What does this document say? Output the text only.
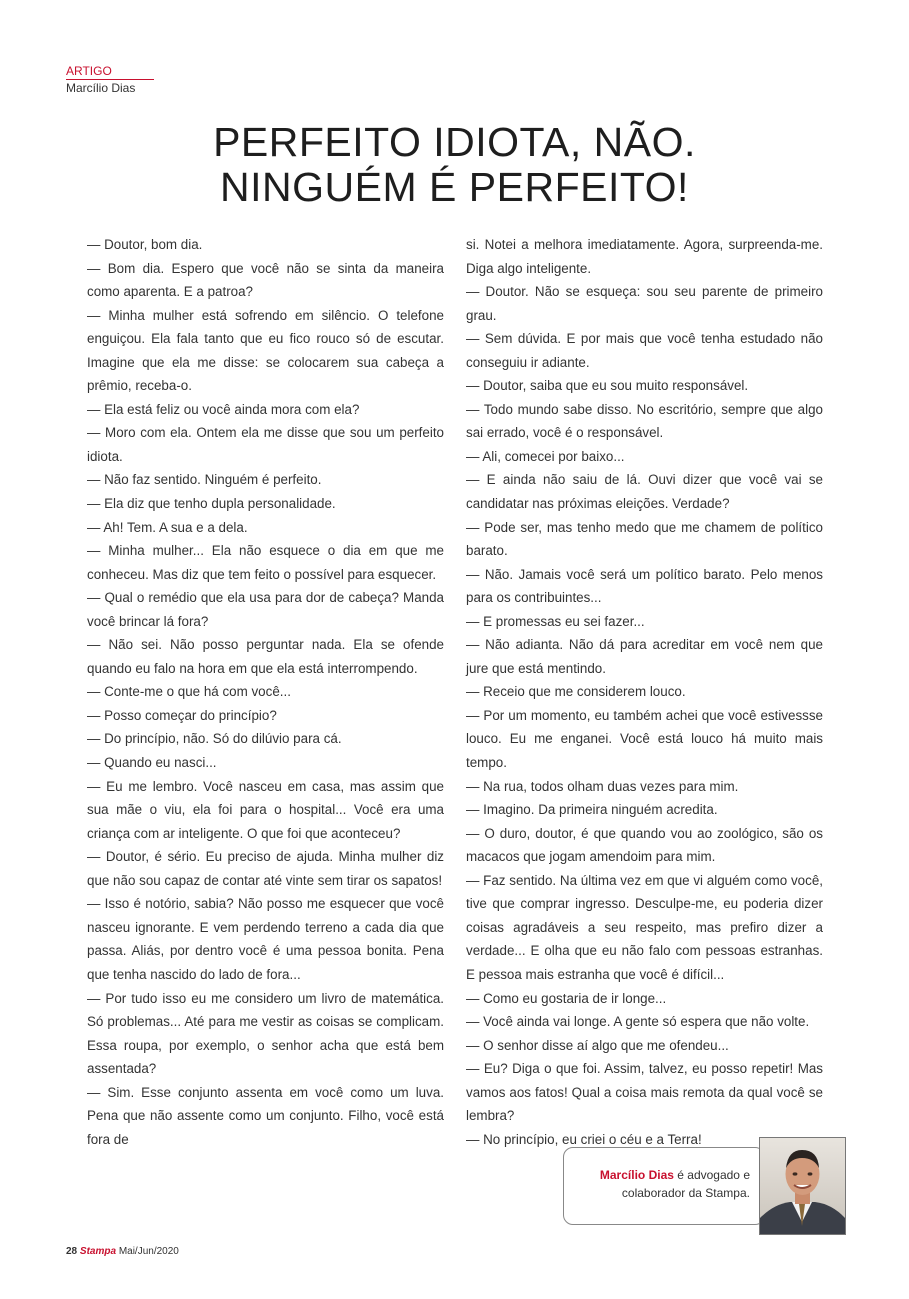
ARTIGO
Marcílio Dias
PERFEITO IDIOTA, NÃO.
NINGUÉM É PERFEITO!

— Doutor, bom dia.

— Bom dia. Espero que você não se sinta da maneira como aparenta. E a patroa?

— Minha mulher está sofrendo em silêncio. O telefone enguiçou. Ela fala tanto que eu fico rouco só de escutar. Imagine que ela me disse: se colocarem sua cabeça a prêmio, receba-o.

— Ela está feliz ou você ainda mora com ela?

— Moro com ela. Ontem ela me disse que sou um perfeito idiota.

— Não faz sentido. Ninguém é perfeito.

— Ela diz que tenho dupla personalidade.

— Ah! Tem. A sua e a dela.

— Minha mulher... Ela não esquece o dia em que me conheceu. Mas diz que tem feito o possível para esquecer.

— Qual o remédio que ela usa para dor de cabeça? Manda você brincar lá fora?

— Não sei. Não posso perguntar nada. Ela se ofende quando eu falo na hora em que ela está interrompendo.

— Conte-me o que há com você...

— Posso começar do princípio?

— Do princípio, não. Só do dilúvio para cá.

— Quando eu nasci...

— Eu me lembro. Você nasceu em casa, mas assim que sua mãe o viu, ela foi para o hospital... Você era uma criança com ar inteligente. O que foi que aconteceu?

— Doutor, é sério. Eu preciso de ajuda. Minha mulher diz que não sou capaz de contar até vinte sem tirar os sapatos!

— Isso é notório, sabia? Não posso me esquecer que você nasceu ignorante. E vem perdendo terreno a cada dia que passa. Aliás, por dentro você é uma pessoa bonita. Pena que tenha nascido do lado de fora...

— Por tudo isso eu me considero um livro de matemática. Só problemas... Até para me vestir as coisas se complicam. Essa roupa, por exemplo, o senhor acha que está bem assentada?

— Sim. Esse conjunto assenta em você como um luva. Pena que não assente como um conjunto. Filho, você está fora de

si. Notei a melhora imediatamente. Agora, surpreenda-me. Diga algo inteligente.

— Doutor. Não se esqueça: sou seu parente de primeiro grau.

— Sem dúvida. E por mais que você tenha estudado não conseguiu ir adiante.

— Doutor, saiba que eu sou muito responsável.

— Todo mundo sabe disso. No escritório, sempre que algo sai errado, você é o responsável.

— Ali, comecei por baixo...

— E ainda não saiu de lá. Ouvi dizer que você vai se candidatar nas próximas eleições. Verdade?

— Pode ser, mas tenho medo que me chamem de político barato.

— Não. Jamais você será um político barato. Pelo menos para os contribuintes...

— E promessas eu sei fazer...

— Não adianta. Não dá para acreditar em você nem que jure que está mentindo.

— Receio que me considerem louco.

— Por um momento, eu também achei que você estivessse louco. Eu me enganei. Você está louco há muito mais tempo.

— Na rua, todos olham duas vezes para mim.

— Imagino. Da primeira ninguém acredita.

— O duro, doutor, é que quando vou ao zoológico, são os macacos que jogam amendoim para mim.

— Faz sentido. Na última vez em que vi alguém como você, tive que comprar ingresso. Desculpe-me, eu poderia dizer coisas agradáveis a seu respeito, mas prefiro dizer a verdade... E olha que eu não falo com pessoas estranhas. E pessoa mais estranha que você é difícil...

— Como eu gostaria de ir longe...

— Você ainda vai longe. A gente só espera que não volte.

— O senhor disse aí algo que me ofendeu...

— Eu? Diga o que foi. Assim, talvez, eu posso repetir! Mas vamos aos fatos! Qual a coisa mais remota da qual você se lembra?

— No princípio, eu criei o céu e a Terra!

Marcílio Dias é advogado e
colaborador da Stampa.
28 Stampa Mai/Jun/2020
